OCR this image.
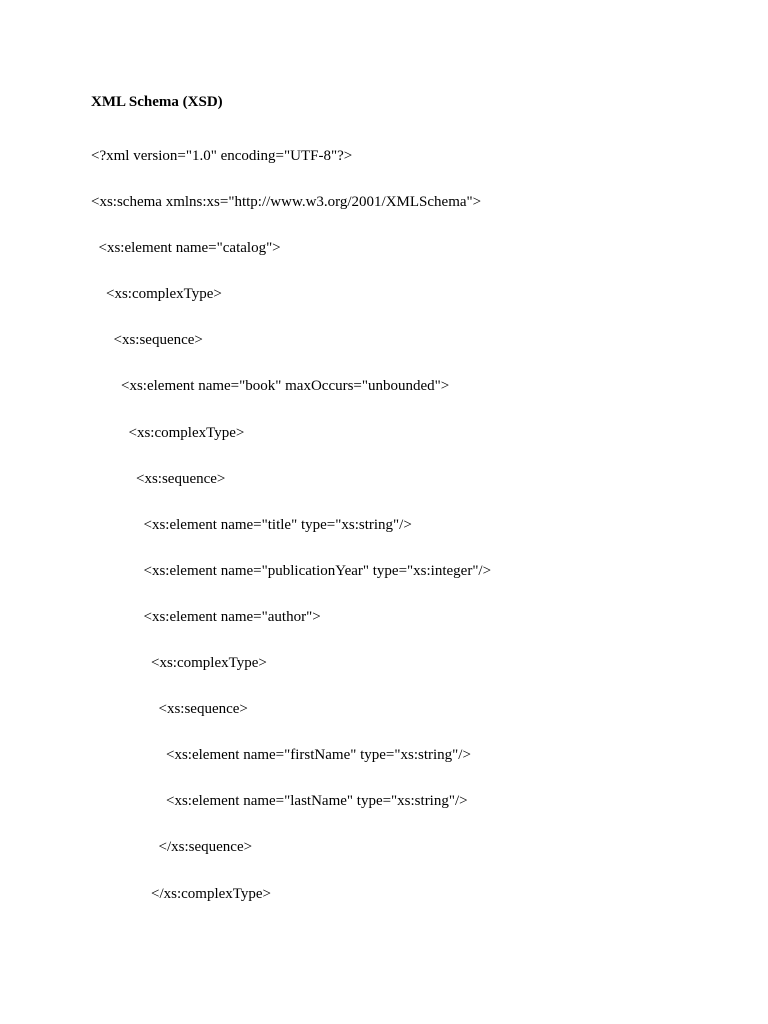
XML Schema (XSD)
<?xml version="1.0" encoding="UTF-8"?>
<xs:schema xmlns:xs="http://www.w3.org/2001/XMLSchema">
<xs:element name="catalog">
<xs:complexType>
<xs:sequence>
<xs:element name="book" maxOccurs="unbounded">
<xs:complexType>
<xs:sequence>
<xs:element name="title" type="xs:string"/>
<xs:element name="publicationYear" type="xs:integer"/>
<xs:element name="author">
<xs:complexType>
<xs:sequence>
<xs:element name="firstName" type="xs:string"/>
<xs:element name="lastName" type="xs:string"/>
</xs:sequence>
</xs:complexType>
